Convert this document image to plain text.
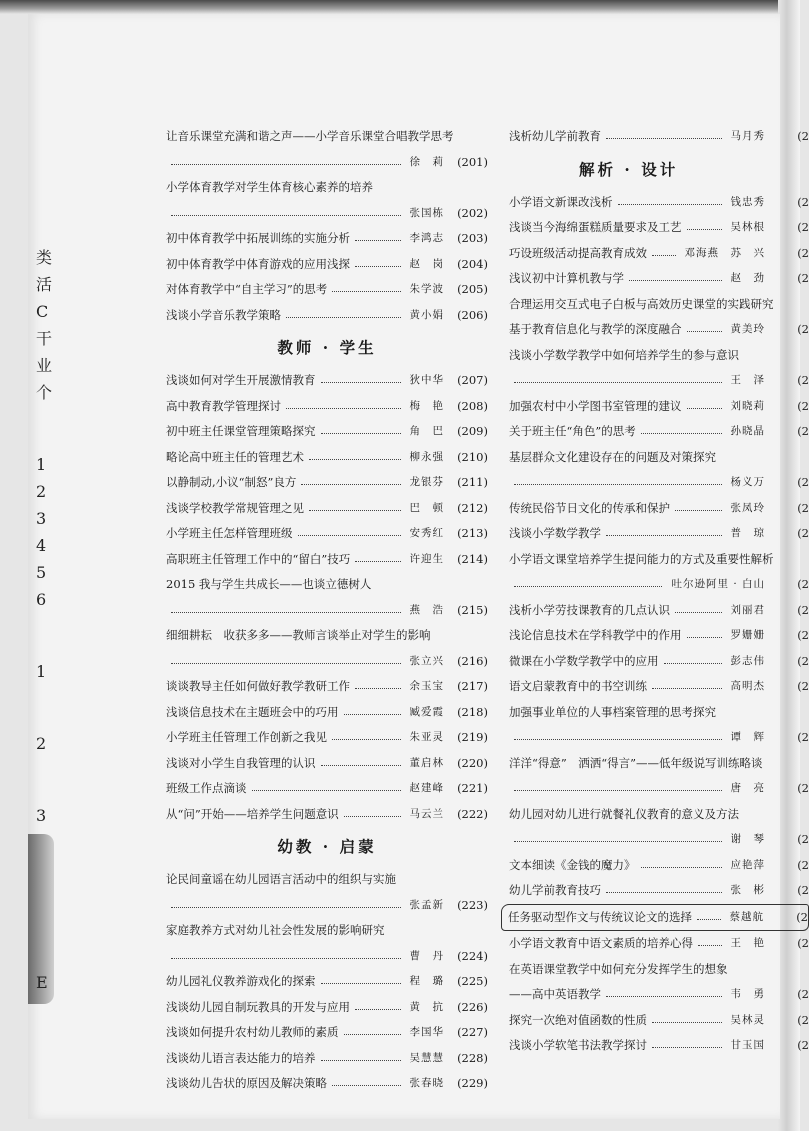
类
活
C
干
业
个
1
2
3
4
5
6
1
2
3
E
让音乐课堂充满和谐之声——小学音乐课堂合唱教学思考
徐　莉	(201)
小学体育教学对学生体育核心素养的培养
张国栋	(202)
初中体育教学中拓展训练的实施分析	李鸿志	(203)
初中体育教学中体育游戏的应用浅探	赵　岗	(204)
对体育教学中“自主学习”的思考	朱学波	(205)
浅谈小学音乐教学策略	黄小娟	(206)
教师 · 学生
浅谈如何对学生开展激情教育	狄中华	(207)
高中教育教学管理探讨	梅　艳	(208)
初中班主任课堂管理策略探究	角　巴	(209)
略论高中班主任的管理艺术	柳永强	(210)
以静制动,小议“制怒”良方	龙银芬	(211)
浅谈学校教学常规管理之见	巴　顿	(212)
小学班主任怎样管理班级	安秀红	(213)
高职班主任管理工作中的“留白”技巧	许迎生	(214)
2015 我与学生共成长——也谈立德树人
燕　浩	(215)
细细耕耘　收获多多——教师言谈举止对学生的影响
张立兴	(216)
谈谈教导主任如何做好教学教研工作	余玉宝	(217)
浅谈信息技术在主题班会中的巧用	臧爱霞	(218)
小学班主任管理工作创新之我见	朱亚灵	(219)
浅谈对小学生自我管理的认识	董启林	(220)
班级工作点滴谈	赵建峰	(221)
从“问”开始——培养学生问题意识	马云兰	(222)
幼教 · 启蒙
论民间童谣在幼儿园语言活动中的组织与实施
张孟新	(223)
家庭教养方式对幼儿社会性发展的影响研究
曹　丹	(224)
幼儿园礼仪教养游戏化的探索	程　璐	(225)
浅谈幼儿园自制玩教具的开发与应用	黄　抗	(226)
浅谈如何提升农村幼儿教师的素质	李国华	(227)
浅谈幼儿语言表达能力的培养	吴慧慧	(228)
浅谈幼儿告状的原因及解决策略	张春晓	(229)
浅析幼儿学前教育	马月秀	(2
解析 · 设计
小学语文新课改浅析	钱忠秀	(2
浅谈当今海绵蛋糕质量要求及工艺	吴林根	(2
巧设班级活动提高教育成效	邓海燕　苏　兴	(2
浅议初中计算机教与学	赵　劲	(2
合理运用交互式电子白板与高效历史课堂的实践研究
基于教育信息化与教学的深度融合	黄美玲	(2
浅谈小学数学教学中如何培养学生的参与意识
王　泽	(2
加强农村中小学图书室管理的建议	刘晓莉	(2
关于班主任“角色”的思考	孙晓晶	(2
基层群众文化建设存在的问题及对策探究
杨义万	(2
传统民俗节日文化的传承和保护	张凤玲	(2
浅谈小学数学教学	普　琼	(2
小学语文课堂培养学生提问能力的方式及重要性解析
吐尔逊阿里 · 白山	(2
浅析小学劳技课教育的几点认识	刘丽君	(2
浅论信息技术在学科教学中的作用	罗姗姗	(2
微课在小学数学教学中的应用	彭志伟	(2
语文启蒙教育中的书空训练	高明杰	(2
加强事业单位的人事档案管理的思考探究
谭　辉	(2
洋洋“得意”　洒洒“得言”——低年级说写训练略谈
唐　亮	(2
幼儿园对幼儿进行就餐礼仪教育的意义及方法
谢　琴	(2
文本细读《金钱的魔力》	应艳萍	(2
幼儿学前教育技巧	张　彬	(2
任务驱动型作文与传统议论文的选择	蔡越航	(2
小学语文教育中语文素质的培养心得	王　艳	(2
在英语课堂教学中如何充分发挥学生的想象
——高中英语教学	韦　勇	(2
探究一次绝对值函数的性质	吴林灵	(2
浅谈小学软笔书法教学探讨	甘玉国	(2
